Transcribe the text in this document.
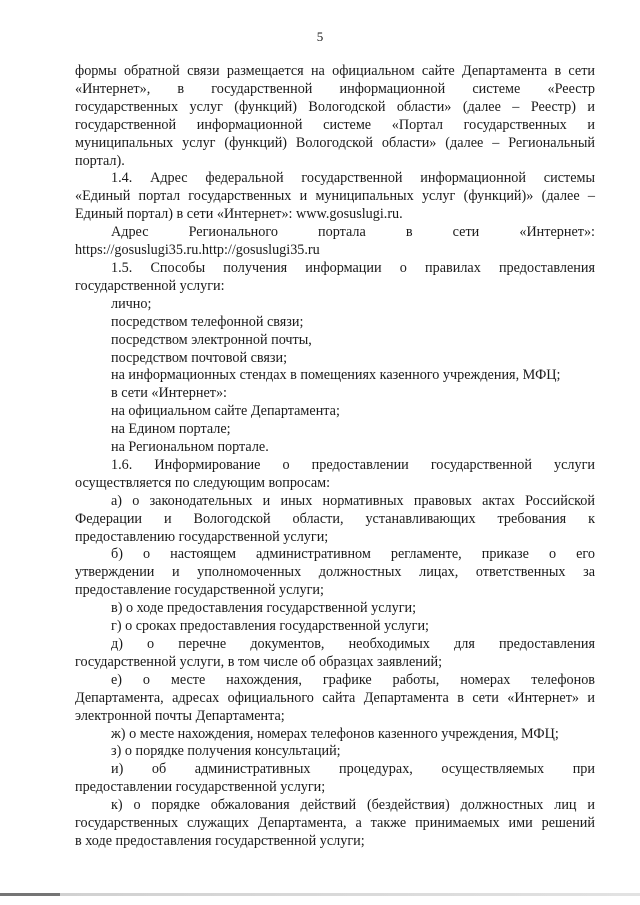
5
формы обратной связи размещается на официальном сайте Департамента в сети
«Интернет», в государственной информационной системе «Реестр
государственных услуг (функций) Вологодской области» (далее – Реестр) и
государственной информационной системе «Портал государственных и
муниципальных услуг (функций) Вологодской области» (далее – Региональный
портал).
1.4. Адрес федеральной государственной информационной системы
«Единый портал государственных и муниципальных услуг (функций)» (далее –
Единый портал) в сети «Интернет»: www.gosuslugi.ru.
Адрес Регионального портала в сети «Интернет»:
https://gosuslugi35.ru.http://gosuslugi35.ru
1.5. Способы получения информации о правилах предоставления
государственной услуги:
лично;
посредством телефонной связи;
посредством электронной почты,
посредством почтовой связи;
на информационных стендах в помещениях казенного учреждения, МФЦ;
в сети «Интернет»:
на официальном сайте Департамента;
на Едином портале;
на Региональном портале.
1.6. Информирование о предоставлении государственной услуги
осуществляется по следующим вопросам:
а) о законодательных и иных нормативных правовых актах Российской
Федерации и Вологодской области, устанавливающих требования к
предоставлению государственной услуги;
б) о настоящем административном регламенте, приказе о его
утверждении и уполномоченных должностных лицах, ответственных за
предоставление государственной услуги;
в) о ходе предоставления государственной услуги;
г) о сроках предоставления государственной услуги;
д) о перечне документов, необходимых для предоставления
государственной услуги, в том числе об образцах заявлений;
е) о месте нахождения, графике работы, номерах телефонов
Департамента, адресах официального сайта Департамента в сети «Интернет» и
электронной почты Департамента;
ж) о месте нахождения, номерах телефонов казенного учреждения, МФЦ;
з) о порядке получения консультаций;
и) об административных процедурах, осуществляемых при
предоставлении государственной услуги;
к) о порядке обжалования действий (бездействия) должностных лиц и
государственных служащих Департамента, а также принимаемых ими решений
в ходе предоставления государственной услуги;
